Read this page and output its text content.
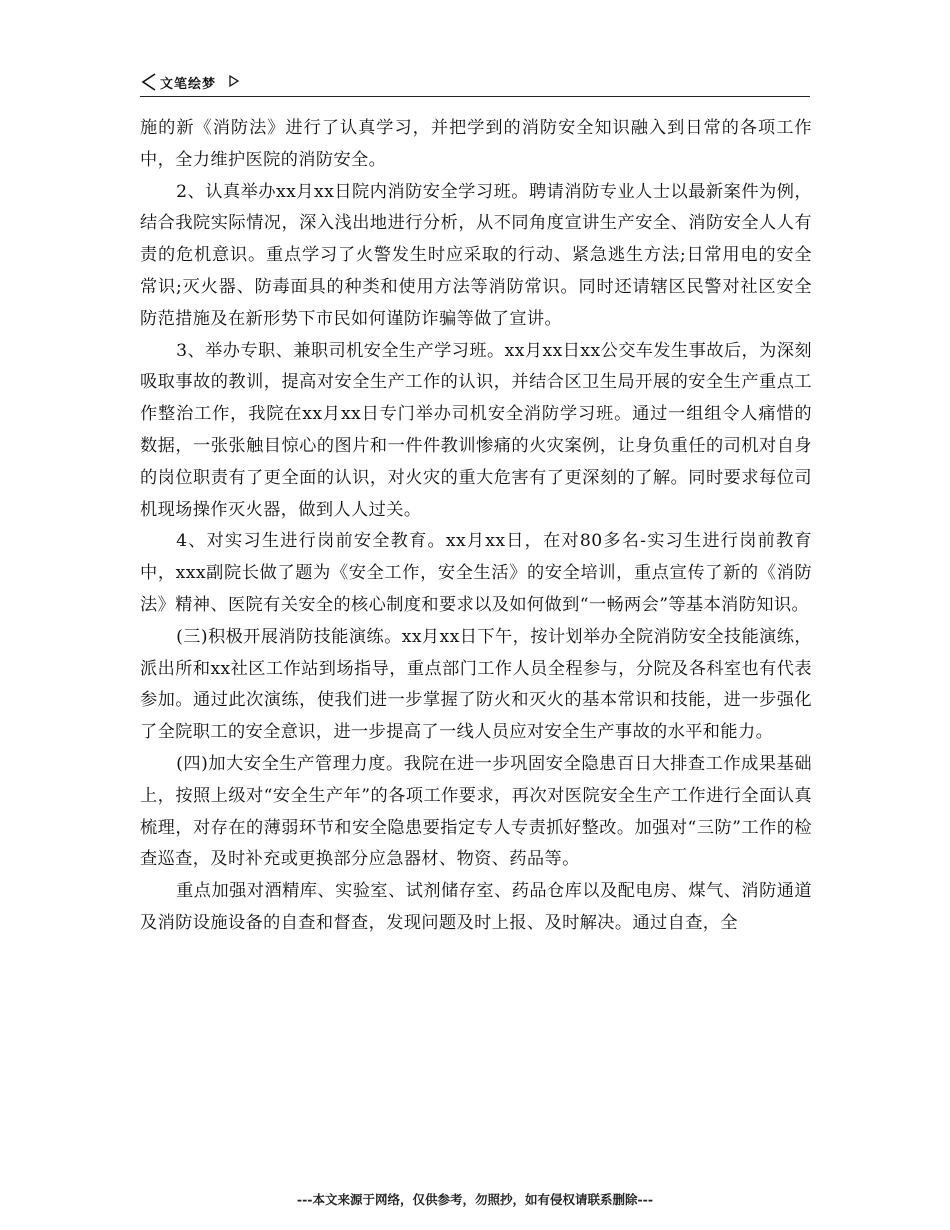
文笔绘梦

施的新《消防法》进行了认真学习，并把学到的消防安全知识融入到日常的各项工作中，全力维护医院的消防安全。

2、认真举办xx月xx日院内消防安全学习班。聘请消防专业人士以最新案件为例，结合我院实际情况，深入浅出地进行分析，从不同角度宣讲生产安全、消防安全人人有责的危机意识。重点学习了火警发生时应采取的行动、紧急逃生方法;日常用电的安全常识;灭火器、防毒面具的种类和使用方法等消防常识。同时还请辖区民警对社区安全防范措施及在新形势下市民如何谨防诈骗等做了宣讲。

3、举办专职、兼职司机安全生产学习班。xx月xx日xx公交车发生事故后，为深刻吸取事故的教训，提高对安全生产工作的认识，并结合区卫生局开展的安全生产重点工作整治工作，我院在xx月xx日专门举办司机安全消防学习班。通过一组组令人痛惜的数据，一张张触目惊心的图片和一件件教训惨痛的火灾案例，让身负重任的司机对自身的岗位职责有了更全面的认识，对火灾的重大危害有了更深刻的了解。同时要求每位司机现场操作灭火器，做到人人过关。

4、对实习生进行岗前安全教育。xx月xx日，在对80多名-实习生进行岗前教育中，xxx副院长做了题为《安全工作，安全生活》的安全培训，重点宣传了新的《消防法》精神、医院有关安全的核心制度和要求以及如何做到“一畅两会”等基本消防知识。

(三)积极开展消防技能演练。xx月xx日下午，按计划举办全院消防安全技能演练，派出所和xx社区工作站到场指导，重点部门工作人员全程参与，分院及各科室也有代表参加。通过此次演练，使我们进一步掌握了防火和灭火的基本常识和技能，进一步强化了全院职工的安全意识，进一步提高了一线人员应对安全生产事故的水平和能力。

(四)加大安全生产管理力度。我院在进一步巩固安全隐患百日大排查工作成果基础上，按照上级对“安全生产年”的各项工作要求，再次对医院安全生产工作进行全面认真梳理，对存在的薄弱环节和安全隐患要指定专人专责抓好整改。加强对“三防”工作的检查巡查，及时补充或更换部分应急器材、物资、药品等。

重点加强对酒精库、实验室、试剂储存室、药品仓库以及配电房、煤气、消防通道及消防设施设备的自查和督查，发现问题及时上报、及时解决。通过自查，全

---本文来源于网络，仅供参考，勿照抄，如有侵权请联系删除---
